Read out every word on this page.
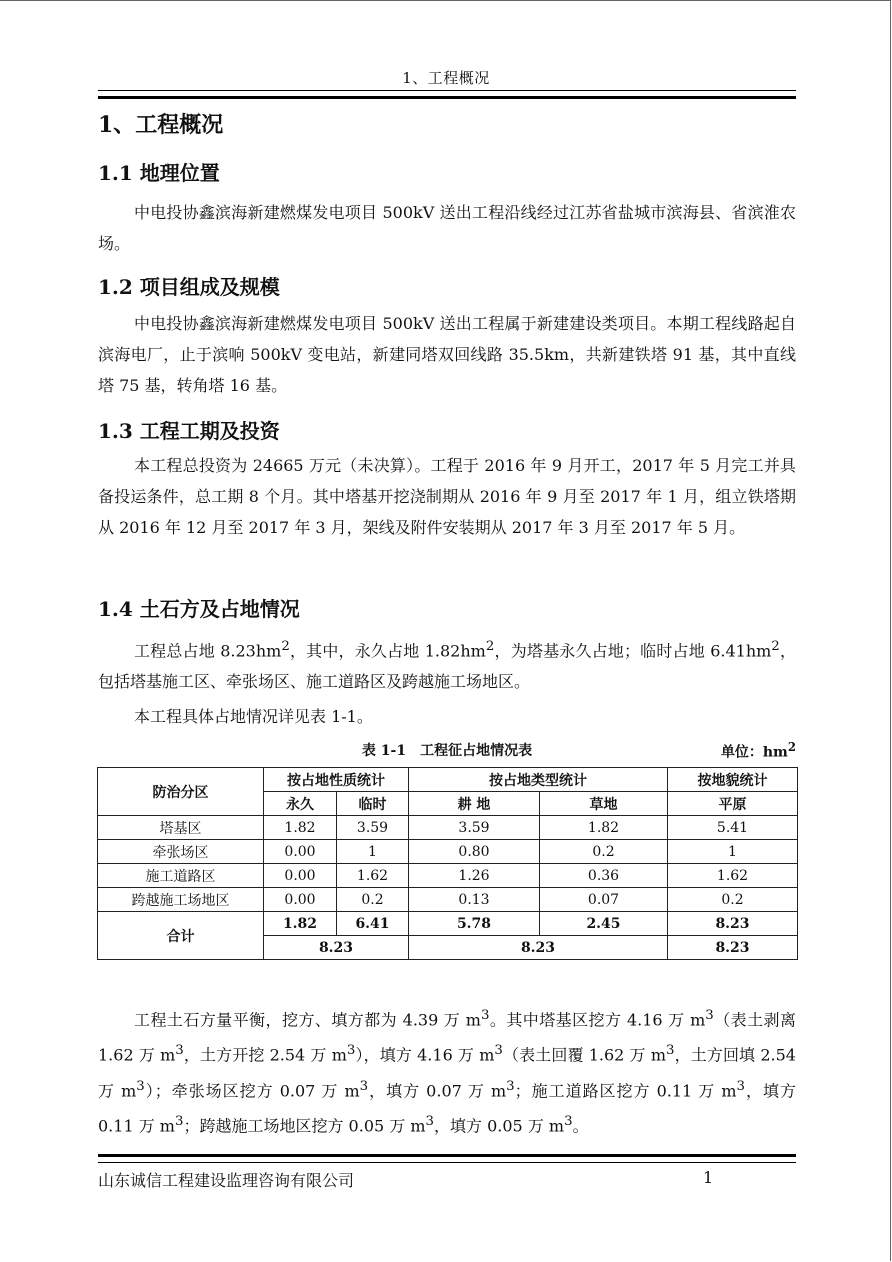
1、工程概况
1、工程概况
1.1 地理位置

中电投协鑫滨海新建燃煤发电项目 500kV 送出工程沿线经过江苏省盐城市滨海县、省滨淮农场。

1.2 项目组成及规模

中电投协鑫滨海新建燃煤发电项目 500kV 送出工程属于新建建设类项目。本期工程线路起自滨海电厂，止于滨响 500kV 变电站，新建同塔双回线路 35.5km，共新建铁塔 91 基，其中直线塔 75 基，转角塔 16 基。

1.3 工程工期及投资

本工程总投资为 24665 万元（未决算）。工程于 2016 年 9 月开工，2017 年 5 月完工并具备投运条件，总工期 8 个月。其中塔基开挖浇制期从 2016 年 9 月至 2017 年 1 月，组立铁塔期从 2016 年 12 月至 2017 年 3 月，架线及附件安装期从 2017 年 3 月至 2017 年 5 月。

1.4 土石方及占地情况

工程总占地 $8.23hm^2$，其中，永久占地 $1.82hm^2$，为塔基永久占地；临时占地 $6.41hm^2$，包括塔基施工区、牵张场区、施工道路区及跨越施工场地区。

本工程具体占地情况详见表 1-1。

表 1-1　工程征占地情况表	单位：$hm^2$
防治分区	按占地性质统计		按占地类型统计		按地貌统计
	永久	临时	耕 地	草地	平原
塔基区	1.82	3.59	3.59	1.82	5.41
牵张场区	0.00	1	0.80	0.2	1
施工道路区	0.00	1.62	1.26	0.36	1.62
跨越施工场地区	0.00	0.2	0.13	0.07	0.2
合计	1.82	6.41	5.78	2.45	8.23
	8.23		8.23		8.23

工程土石方量平衡，挖方、填方都为 4.39 万 $m^3$。其中塔基区挖方 4.16 万 $m^3$（表土剥离 1.62 万 $m^3$，土方开挖 2.54 万 $m^3$），填方 4.16 万 $m^3$（表土回覆 1.62 万 $m^3$，土方回填 2.54 万 $m^3$）；牵张场区挖方 0.07 万 $m^3$，填方 0.07 万 $m^3$；施工道路区挖方 0.11 万 $m^3$，填方 0.11 万 $m^3$；跨越施工场地区挖方 0.05 万 $m^3$，填方 0.05 万 $m^3$。

山东诚信工程建设监理咨询有限公司	1
